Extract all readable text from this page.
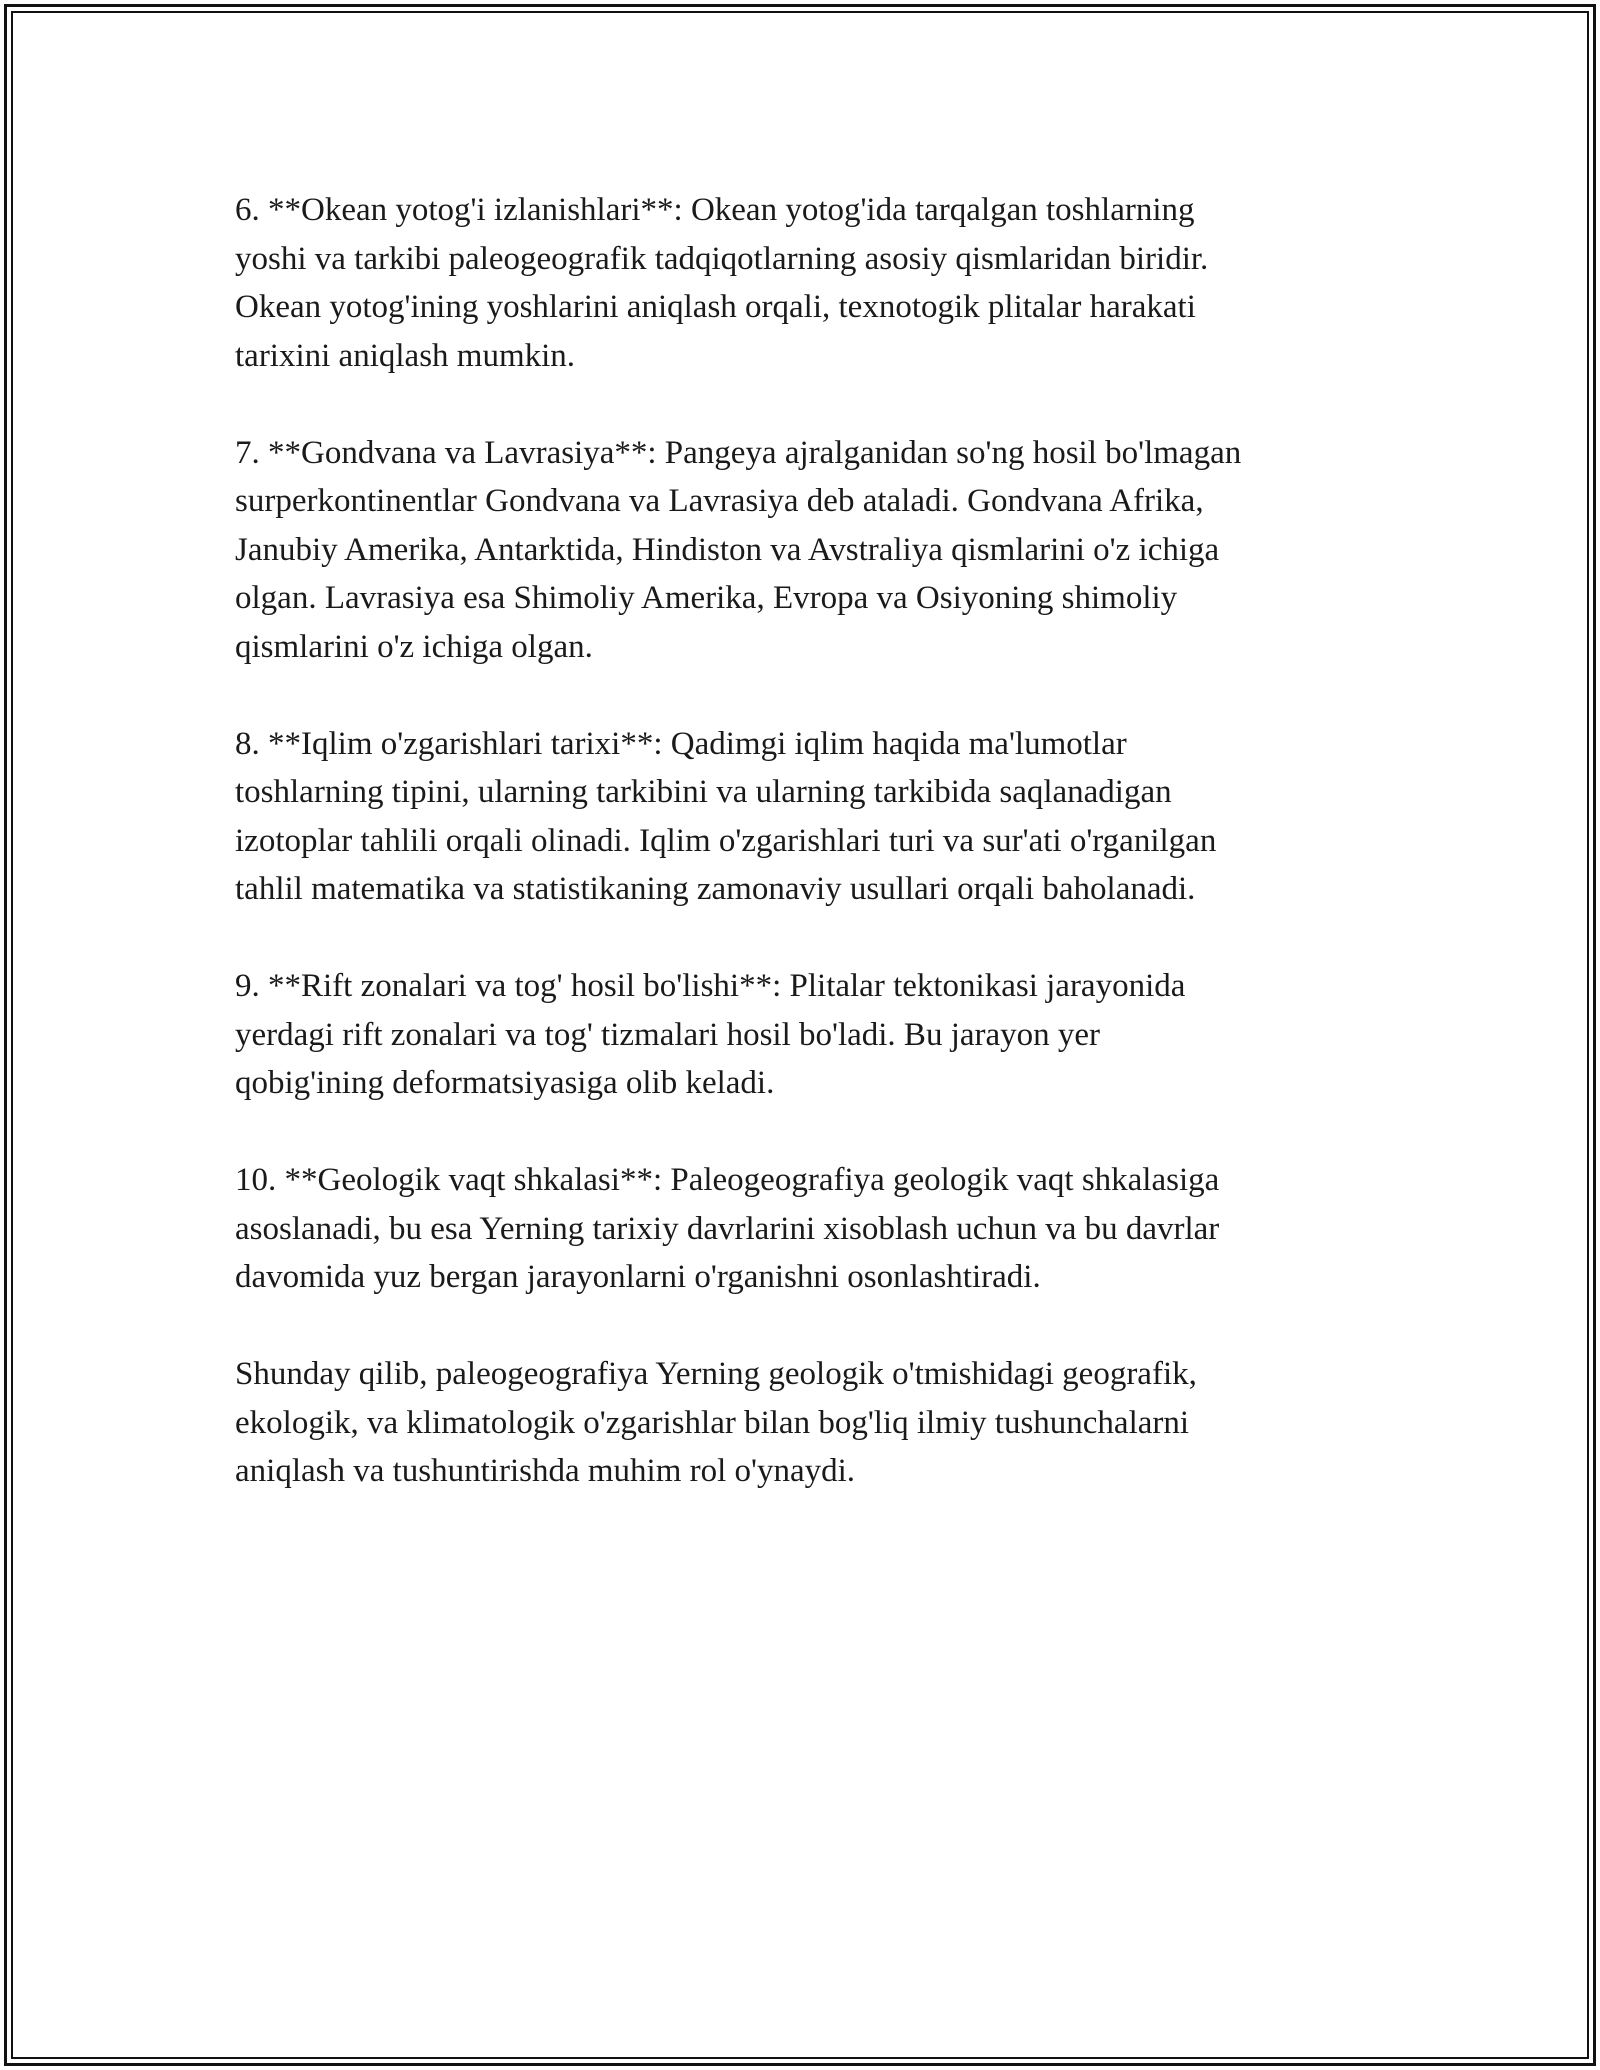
6. **Okean yotog'i izlanishlari**: Okean yotog'ida tarqalgan toshlarning
yoshi va tarkibi paleogeografik tadqiqotlarning asosiy qismlaridan biridir.
Okean yotog'ining yoshlarini aniqlash orqali, texnotogik plitalar harakati
tarixini aniqlash mumkin.
7. **Gondvana va Lavrasiya**: Pangeya ajralganidan so'ng hosil bo'lmagan
surperkontinentlar Gondvana va Lavrasiya deb ataladi. Gondvana Afrika,
Janubiy Amerika, Antarktida, Hindiston va Avstraliya qismlarini o'z ichiga
olgan. Lavrasiya esa Shimoliy Amerika, Evropa va Osiyoning shimoliy
qismlarini o'z ichiga olgan.
8. **Iqlim o'zgarishlari tarixi**: Qadimgi iqlim haqida ma'lumotlar
toshlarning tipini, ularning tarkibini va ularning tarkibida saqlanadigan
izotoplar tahlili orqali olinadi. Iqlim o'zgarishlari turi va sur'ati o'rganilgan
tahlil matematika va statistikaning zamonaviy usullari orqali baholanadi.
9. **Rift zonalari va tog' hosil bo'lishi**: Plitalar tektonikasi jarayonida
yerdagi rift zonalari va tog' tizmalari hosil bo'ladi. Bu jarayon yer
qobig'ining deformatsiyasiga olib keladi.
10. **Geologik vaqt shkalasi**: Paleogeografiya geologik vaqt shkalasiga
asoslanadi, bu esa Yerning tarixiy davrlarini xisoblash uchun va bu davrlar
davomida yuz bergan jarayonlarni o'rganishni osonlashtiradi.
Shunday qilib, paleogeografiya Yerning geologik o'tmishidagi geografik,
ekologik, va klimatologik o'zgarishlar bilan bog'liq ilmiy tushunchalarni
aniqlash va tushuntirishda muhim rol o'ynaydi.
